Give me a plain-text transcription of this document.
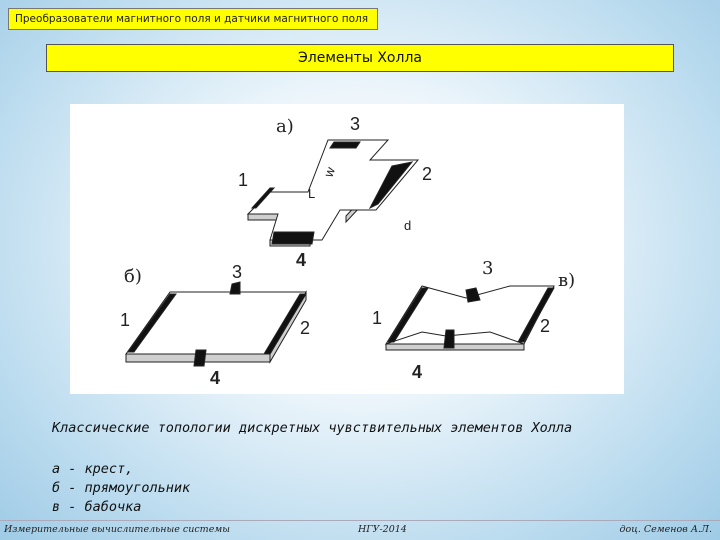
Преобразователи магнитного поля и датчики магнитного поля
Элементы Холла
а)	3
1	2
4
w
L
d
б)	3
1	2
4
в)
3
1	2
4
Классические топологии дискретных чувствительных элементов Холла
а - крест,
б - прямоугольник
в - бабочка
Измерительные вычислительные системы	НГУ-2014	доц. Семенов А.Л.
